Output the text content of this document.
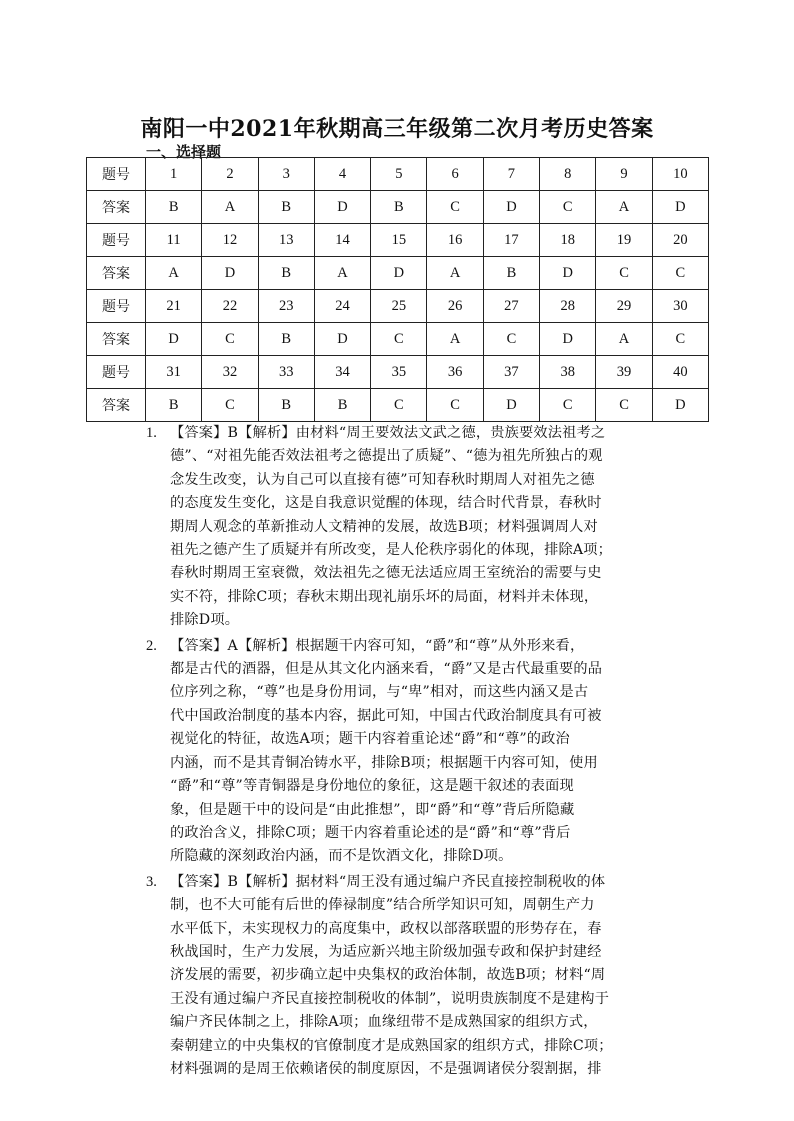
南阳一中2021年秋期高三年级第二次月考历史答案
一、选择题
题号	1	2	3	4	5	6	7	8	9	10
答案	B	A	B	D	B	C	D	C	A	D
题号	11	12	13	14	15	16	17	18	19	20
答案	A	D	B	A	D	A	B	D	C	C
题号	21	22	23	24	25	26	27	28	29	30
答案	D	C	B	D	C	A	C	D	A	C
题号	31	32	33	34	35	36	37	38	39	40
答案	B	C	B	B	C	C	D	C	C	D
1. 【答案】B【解析】由材料“周王要效法文武之德，贵族要效法祖考之
德”、“对祖先能否效法祖考之德提出了质疑”、“德为祖先所独占的观
念发生改变，认为自己可以直接有德”可知春秋时期周人对祖先之德
的态度发生变化，这是自我意识觉醒的体现，结合时代背景，春秋时
期周人观念的革新推动人文精神的发展，故选B项；材料强调周人对
祖先之德产生了质疑并有所改变，是人伦秩序弱化的体现，排除A项；
春秋时期周王室衰微，效法祖先之德无法适应周王室统治的需要与史
实不符，排除C项；春秋末期出现礼崩乐坏的局面，材料并未体现，
排除D项。
2. 【答案】A【解析】根据题干内容可知，“爵”和“尊”从外形来看，
都是古代的酒器，但是从其文化内涵来看，“爵”又是古代最重要的品
位序列之称，“尊”也是身份用词，与“卑”相对，而这些内涵又是古
代中国政治制度的基本内容，据此可知，中国古代政治制度具有可被
视觉化的特征，故选A项；题干内容着重论述“爵”和“尊”的政治
内涵，而不是其青铜冶铸水平，排除B项；根据题干内容可知，使用
“爵”和“尊”等青铜器是身份地位的象征，这是题干叙述的表面现
象，但是题干中的设问是“由此推想”，即“爵”和“尊”背后所隐藏
的政治含义，排除C项；题干内容着重论述的是“爵”和“尊”背后
所隐藏的深刻政治内涵，而不是饮酒文化，排除D项。
3. 【答案】B【解析】据材料“周王没有通过编户齐民直接控制税收的体
制，也不大可能有后世的俸禄制度”结合所学知识可知，周朝生产力
水平低下，未实现权力的高度集中，政权以部落联盟的形势存在，春
秋战国时，生产力发展，为适应新兴地主阶级加强专政和保护封建经
济发展的需要，初步确立起中央集权的政治体制，故选B项；材料“周
王没有通过编户齐民直接控制税收的体制”，说明贵族制度不是建构于
编户齐民体制之上，排除A项；血缘纽带不是成熟国家的组织方式，
秦朝建立的中央集权的官僚制度才是成熟国家的组织方式，排除C项；
材料强调的是周王依赖诸侯的制度原因，不是强调诸侯分裂割据，排
